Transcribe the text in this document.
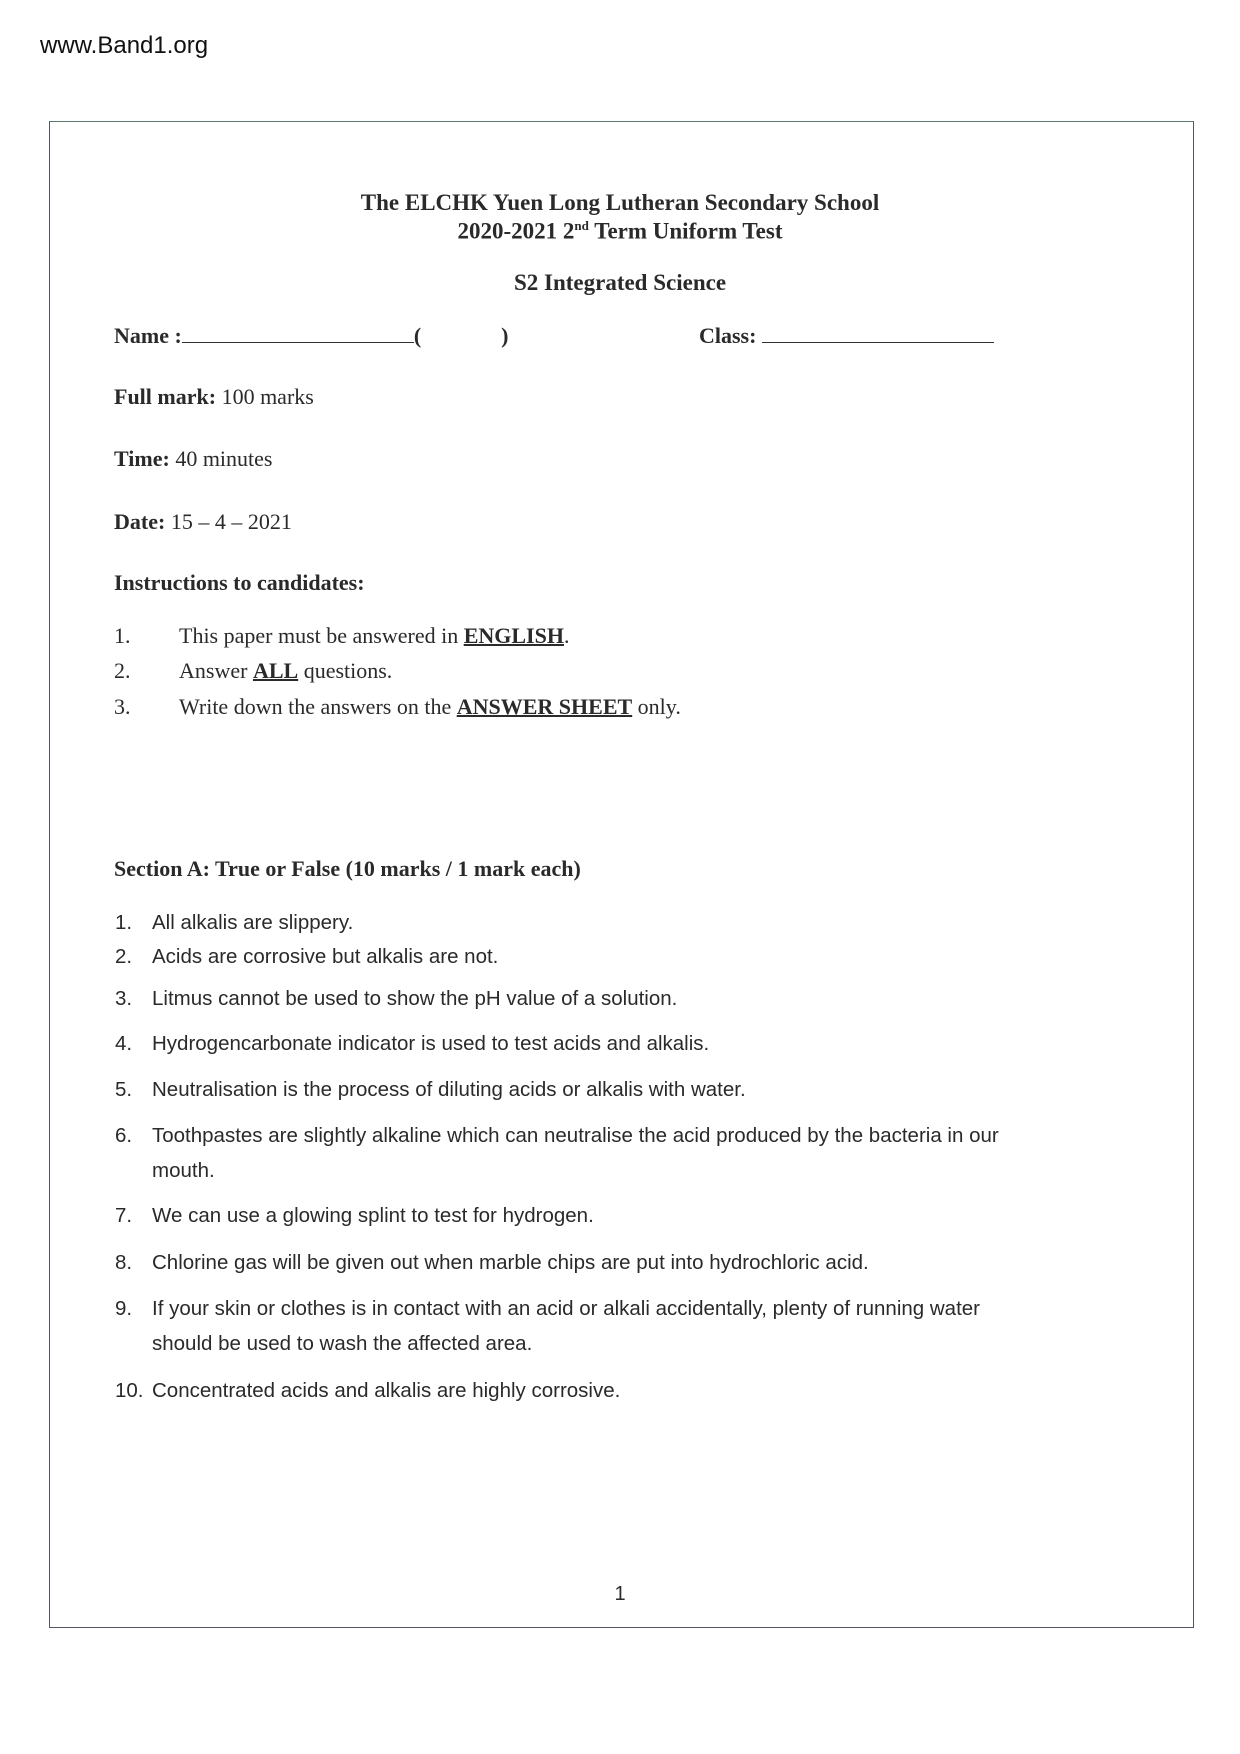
www.Band1.org
The ELCHK Yuen Long Lutheran Secondary School
2020-2021 2nd Term Uniform Test
S2 Integrated Science
Name :	(	)	Class:
Full mark: 100 marks
Time: 40 minutes
Date: 15 – 4 – 2021
Instructions to candidates:
1. This paper must be answered in ENGLISH.
2. Answer ALL questions.
3. Write down the answers on the ANSWER SHEET only.
Section A: True or False (10 marks / 1 mark each)
1. All alkalis are slippery.
2. Acids are corrosive but alkalis are not.
3. Litmus cannot be used to show the pH value of a solution.
4. Hydrogencarbonate indicator is used to test acids and alkalis.
5. Neutralisation is the process of diluting acids or alkalis with water.
6. Toothpastes are slightly alkaline which can neutralise the acid produced by the bacteria in our
mouth.
7. We can use a glowing splint to test for hydrogen.
8. Chlorine gas will be given out when marble chips are put into hydrochloric acid.
9. If your skin or clothes is in contact with an acid or alkali accidentally, plenty of running water
should be used to wash the affected area.
10. Concentrated acids and alkalis are highly corrosive.
1
